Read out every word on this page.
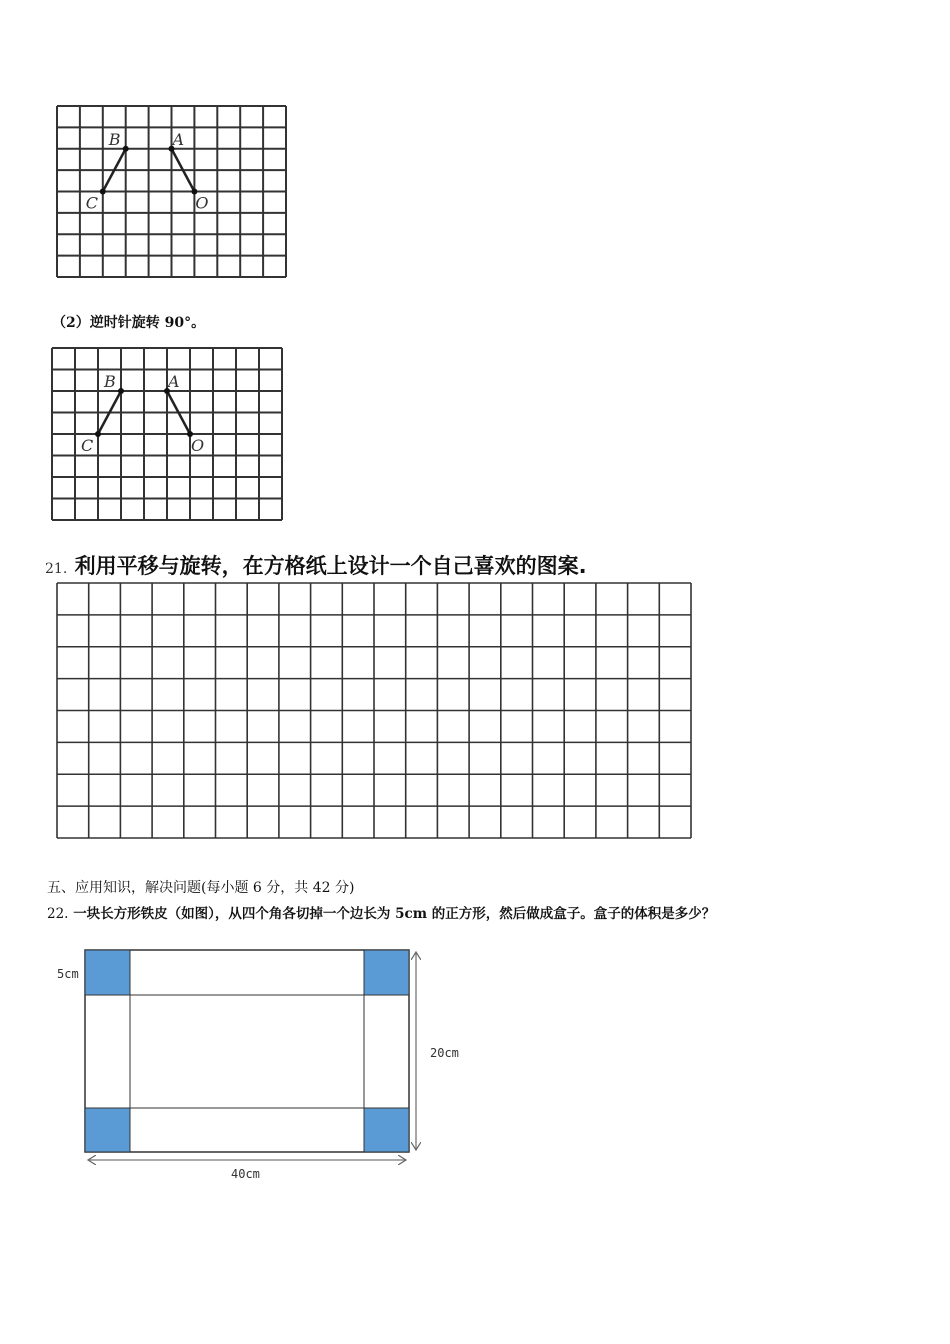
B	A
C	O
（2）逆时针旋转 90°。
B	A
C	O
21. 利用平移与旋转，在方格纸上设计一个自己喜欢的图案.
五、应用知识，解决问题(每小题 6 分，共 42 分)
22. 一块长方形铁皮（如图），从四个角各切掉一个边长为 5cm 的正方形，然后做成盒子。盒子的体积是多少？
5cm
20cm
40cm
